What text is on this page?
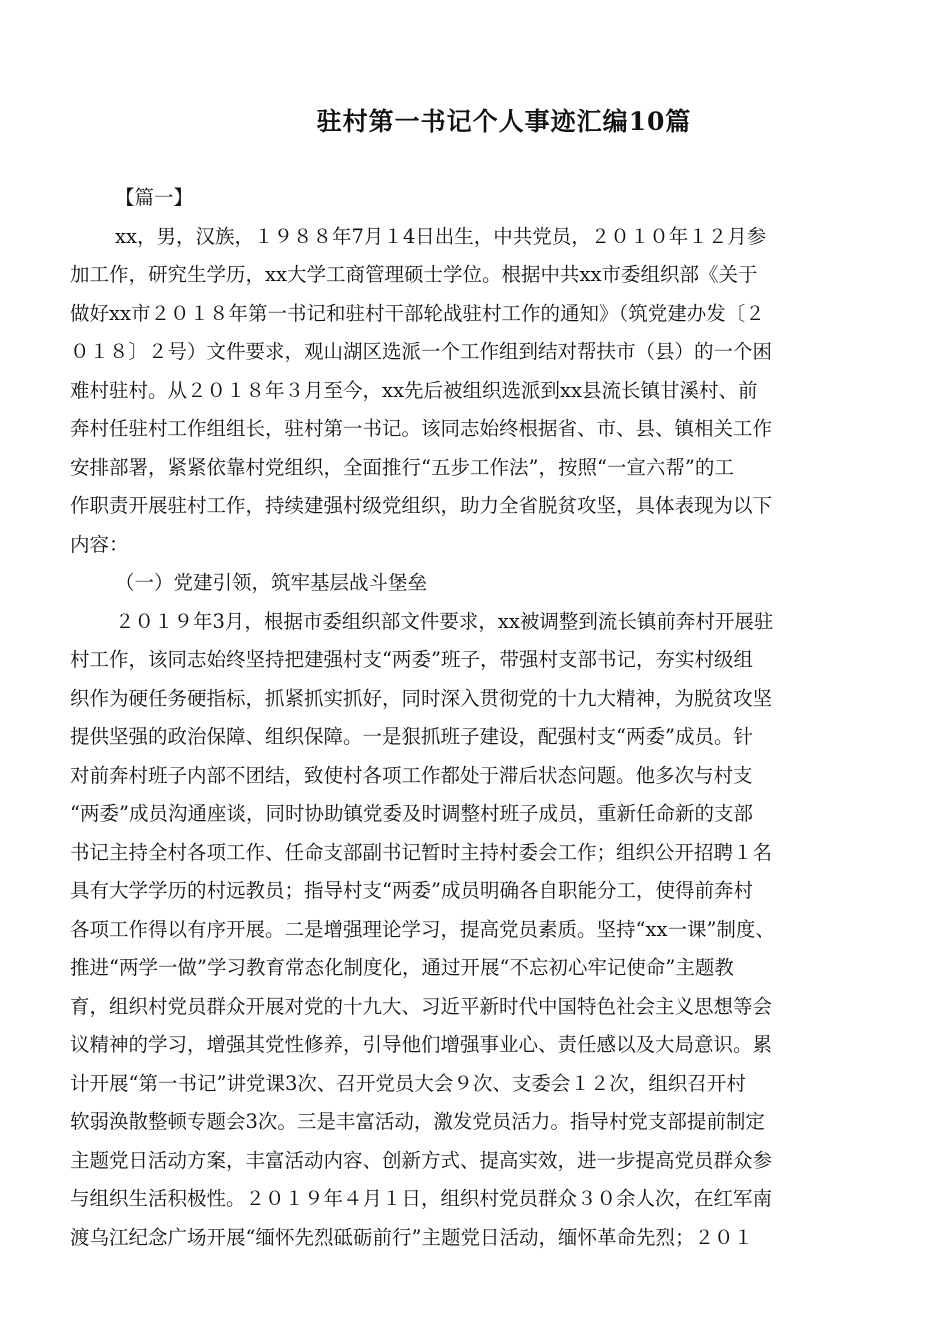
驻村第一书记个人事迹汇编10篇
【篇一】
xx，男，汉族，１９８８年7月１4日出生，中共党员，２０１０年１２月参
加工作，研究生学历，xx大学工商管理硕士学位。根据中共xx市委组织部《关于
做好xx市２０１８年第一书记和驻村干部轮战驻村工作的通知》（筑党建办发〔２
０１８〕２号）文件要求，观山湖区选派一个工作组到结对帮扶市（县）的一个困
难村驻村。从２０１８年３月至今，xx先后被组织选派到xx县流长镇甘溪村、前
奔村任驻村工作组组长，驻村第一书记。该同志始终根据省、市、县、镇相关工作
安排部署，紧紧依靠村党组织，全面推行“五步工作法”，按照“一宣六帮”的工
作职责开展驻村工作，持续建强村级党组织，助力全省脱贫攻坚，具体表现为以下
内容：
（一）党建引领，筑牢基层战斗堡垒
２０１９年3月，根据市委组织部文件要求，xx被调整到流长镇前奔村开展驻
村工作，该同志始终坚持把建强村支“两委”班子，带强村支部书记，夯实村级组
织作为硬任务硬指标，抓紧抓实抓好，同时深入贯彻党的十九大精神，为脱贫攻坚
提供坚强的政治保障、组织保障。一是狠抓班子建设，配强村支“两委”成员。针
对前奔村班子内部不团结，致使村各项工作都处于滞后状态问题。他多次与村支
“两委”成员沟通座谈，同时协助镇党委及时调整村班子成员，重新任命新的支部
书记主持全村各项工作、任命支部副书记暂时主持村委会工作；组织公开招聘１名
具有大学学历的村远教员；指导村支“两委”成员明确各自职能分工，使得前奔村
各项工作得以有序开展。二是增强理论学习，提高党员素质。坚持“xx一课”制度、
推进“两学一做”学习教育常态化制度化，通过开展“不忘初心牢记使命”主题教
育，组织村党员群众开展对党的十九大、习近平新时代中国特色社会主义思想等会
议精神的学习，增强其党性修养，引导他们增强事业心、责任感以及大局意识。累
计开展“第一书记”讲党课3次、召开党员大会９次、支委会１２次，组织召开村
软弱涣散整顿专题会3次。三是丰富活动，激发党员活力。指导村党支部提前制定
主题党日活动方案，丰富活动内容、创新方式、提高实效，进一步提高党员群众参
与组织生活积极性。２０１９年４月１日，组织村党员群众３０余人次，在红军南
渡乌江纪念广场开展“缅怀先烈砥砺前行”主题党日活动，缅怀革命先烈；２０１
